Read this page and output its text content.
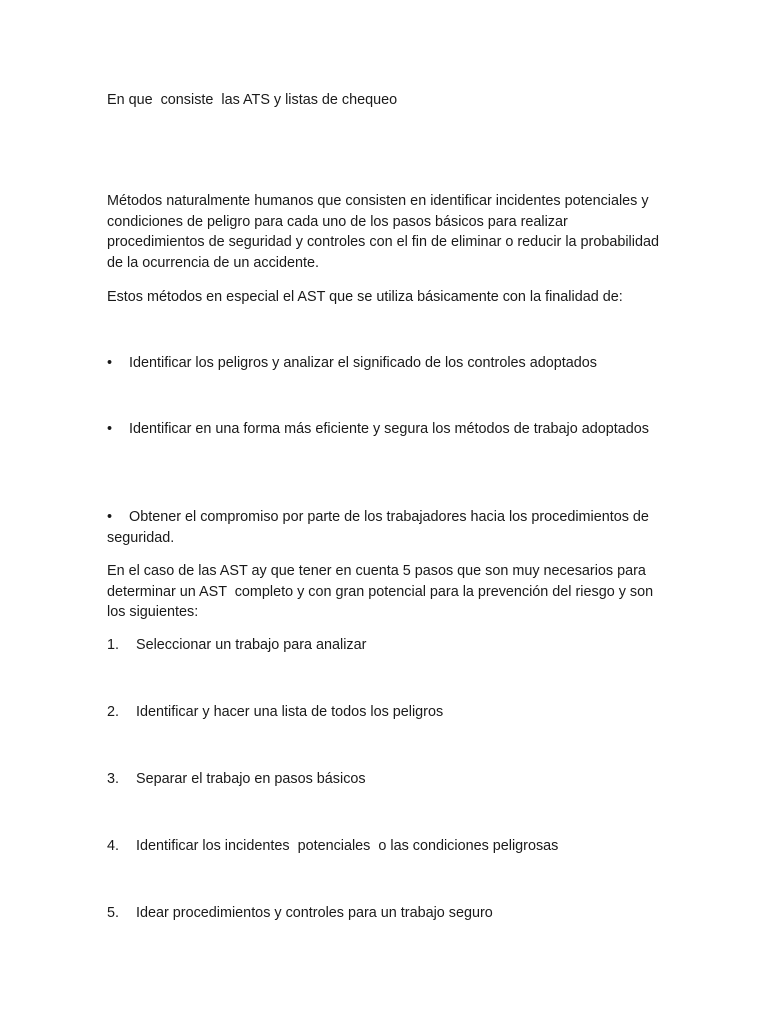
En que  consiste  las ATS y listas de chequeo

Métodos naturalmente humanos que consisten en identificar incidentes potenciales y condiciones de peligro para cada uno de los pasos básicos para realizar procedimientos de seguridad y controles con el fin de eliminar o reducir la probabilidad de la ocurrencia de un accidente.

Estos métodos en especial el AST que se utiliza básicamente con la finalidad de:

• Identificar los peligros y analizar el significado de los controles adoptados

• Identificar en una forma más eficiente y segura los métodos de trabajo adoptados

• Obtener el compromiso por parte de los trabajadores hacia los procedimientos de seguridad.

En el caso de las AST ay que tener en cuenta 5 pasos que son muy necesarios para determinar un AST  completo y con gran potencial para la prevención del riesgo y son los siguientes:

1. Seleccionar un trabajo para analizar

2. Identificar y hacer una lista de todos los peligros

3. Separar el trabajo en pasos básicos

4. Identificar los incidentes  potenciales  o las condiciones peligrosas

5. Idear procedimientos y controles para un trabajo seguro
